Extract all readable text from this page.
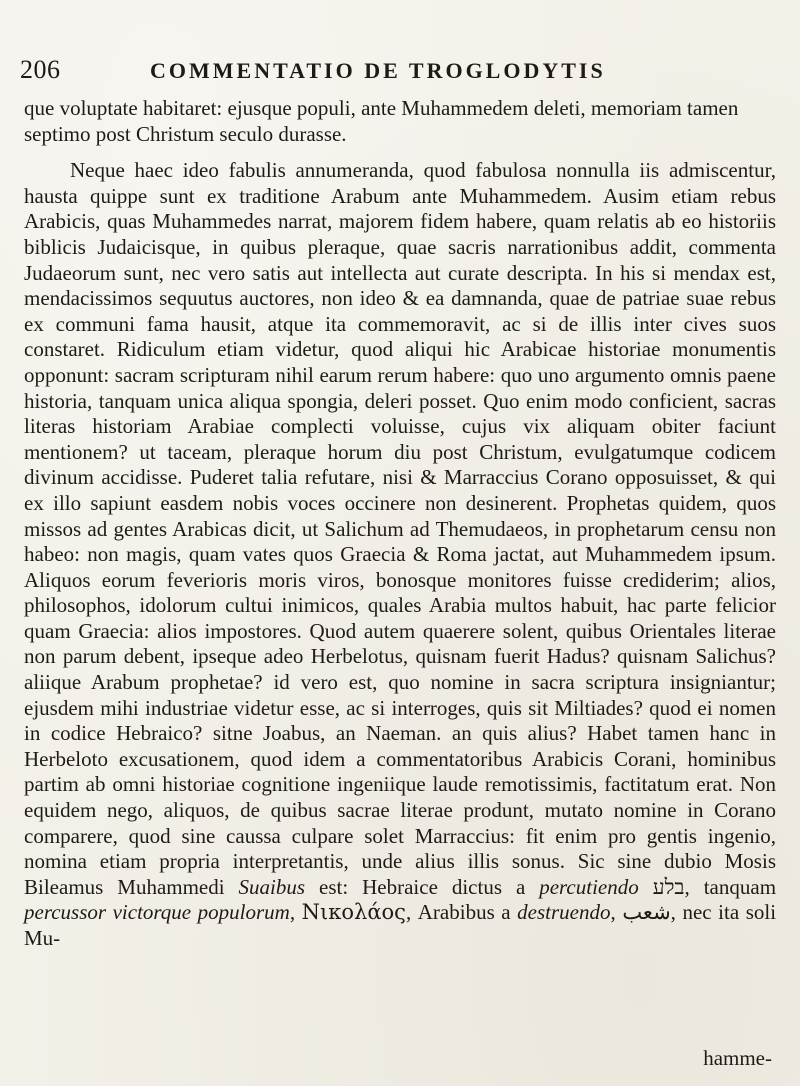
206	COMMENTATIO DE TROGLODYTIS

que voluptate habitaret: ejusque populi, ante Muhammedem deleti, memoriam tamen septimo post Christum seculo durasse.

Neque haec ideo fabulis annumeranda, quod fabulosa nonnulla iis admiscentur, hausta quippe sunt ex traditione Arabum ante Muhammedem. Ausim etiam rebus Arabicis, quas Muhammedes narrat, majorem fidem habere, quam relatis ab eo historiis biblicis Judaicisque, in quibus pleraque, quae sacris narrationibus addit, commenta Judaeorum sunt, nec vero satis aut intellecta aut curate descripta. In his si mendax est, mendacissimos sequutus auctores, non ideo & ea damnanda, quae de patriae suae rebus ex communi fama hausit, atque ita commemoravit, ac si de illis inter cives suos constaret. Ridiculum etiam videtur, quod aliqui hic Arabicae historiae monumentis opponunt: sacram scripturam nihil earum rerum habere: quo uno argumento omnis paene historia, tanquam unica aliqua spongia, deleri posset. Quo enim modo conficient, sacras literas historiam Arabiae complecti voluisse, cujus vix aliquam obiter faciunt mentionem? ut taceam, pleraque horum diu post Christum, evulgatumque codicem divinum accidisse. Puderet talia refutare, nisi & Marraccius Corano opposuisset, & qui ex illo sapiunt easdem nobis voces occinere non desinerent. Prophetas quidem, quos missos ad gentes Arabicas dicit, ut Salichum ad Themudaeos, in prophetarum censu non habeo: non magis, quam vates quos Graecia & Roma jactat, aut Muhammedem ipsum. Aliquos eorum feverioris moris viros, bonosque monitores fuisse crediderim; alios, philosophos, idolorum cultui inimicos, quales Arabia multos habuit, hac parte felicior quam Graecia: alios impostores. Quod autem quaerere solent, quibus Orientales literae non parum debent, ipseque adeo Herbelotus, quisnam fuerit Hadus? quisnam Salichus? aliique Arabum prophetae? id vero est, quo nomine in sacra scriptura insigniantur; ejusdem mihi industriae videtur esse, ac si interroges, quis sit Miltiades? quod ei nomen in codice Hebraico? sitne Joabus, an Naeman. an quis alius? Habet tamen hanc in Herbeloto excusationem, quod idem a commentatoribus Arabicis Corani, hominibus partim ab omni historiae cognitione ingeniique laude remotissimis, factitatum erat. Non equidem nego, aliquos, de quibus sacrae literae produnt, mutato nomine in Corano comparere, quod sine caussa culpare solet Marraccius: fit enim pro gentis ingenio, nomina etiam propria interpretantis, unde alius illis sonus. Sic sine dubio Mosis Bileamus Muhammedi Suaibus est: Hebraice dictus a percutiendo בלע, tanquam percussor victorque populorum, Νικολάος, Arabibus a destruendo, شعب, nec ita soli Mu-

hamme-
